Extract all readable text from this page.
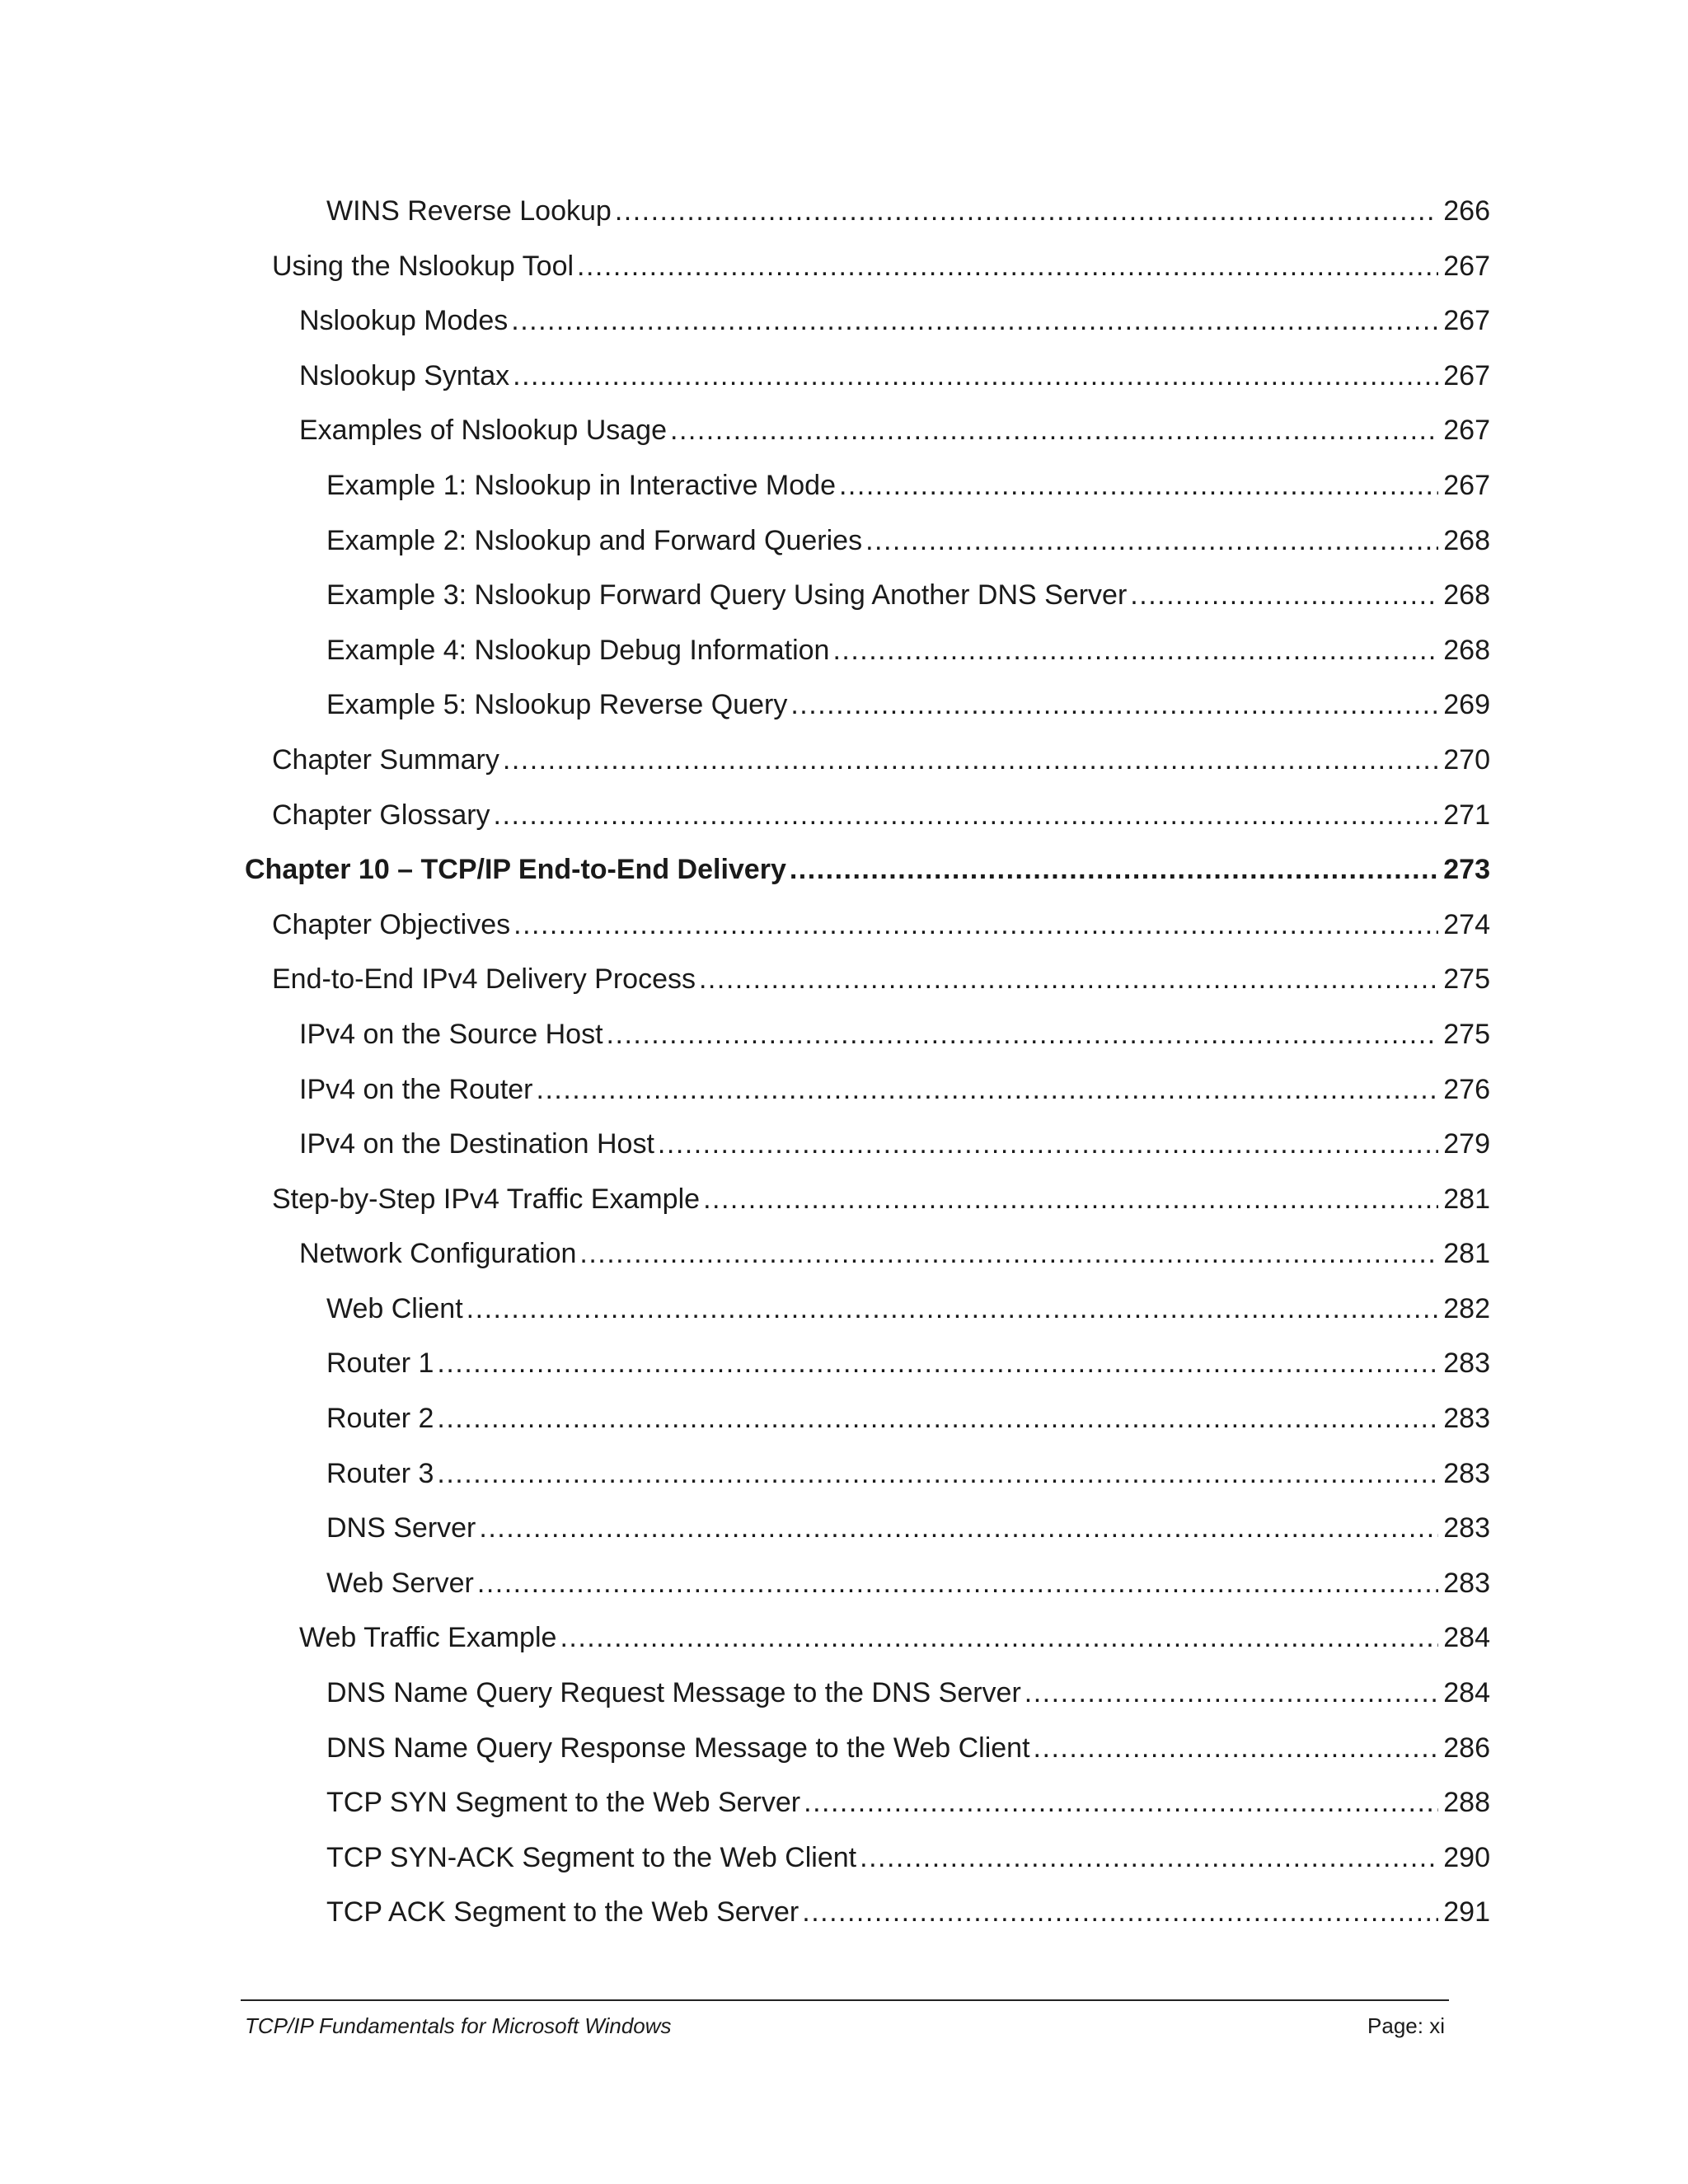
WINS Reverse Lookup .....	266
Using the Nslookup Tool .....	267
Nslookup Modes .....	267
Nslookup Syntax .....	267
Examples of Nslookup Usage .....	267
Example 1: Nslookup in Interactive Mode .....	267
Example 2: Nslookup and Forward Queries .....	268
Example 3: Nslookup Forward Query Using Another DNS Server .....	268
Example 4: Nslookup Debug Information .....	268
Example 5: Nslookup Reverse Query .....	269
Chapter Summary .....	270
Chapter Glossary .....	271
Chapter 10 – TCP/IP End-to-End Delivery .....	273
Chapter Objectives .....	274
End-to-End IPv4 Delivery Process .....	275
IPv4 on the Source Host .....	275
IPv4 on the Router .....	276
IPv4 on the Destination Host .....	279
Step-by-Step IPv4 Traffic Example .....	281
Network Configuration .....	281
Web Client .....	282
Router 1 .....	283
Router 2 .....	283
Router 3 .....	283
DNS Server .....	283
Web Server .....	283
Web Traffic Example .....	284
DNS Name Query Request Message to the DNS Server .....	284
DNS Name Query Response Message to the Web Client .....	286
TCP SYN Segment to the Web Server .....	288
TCP SYN-ACK Segment to the Web Client .....	290
TCP ACK Segment to the Web Server .....	291
TCP/IP Fundamentals for Microsoft Windows	Page: xi
